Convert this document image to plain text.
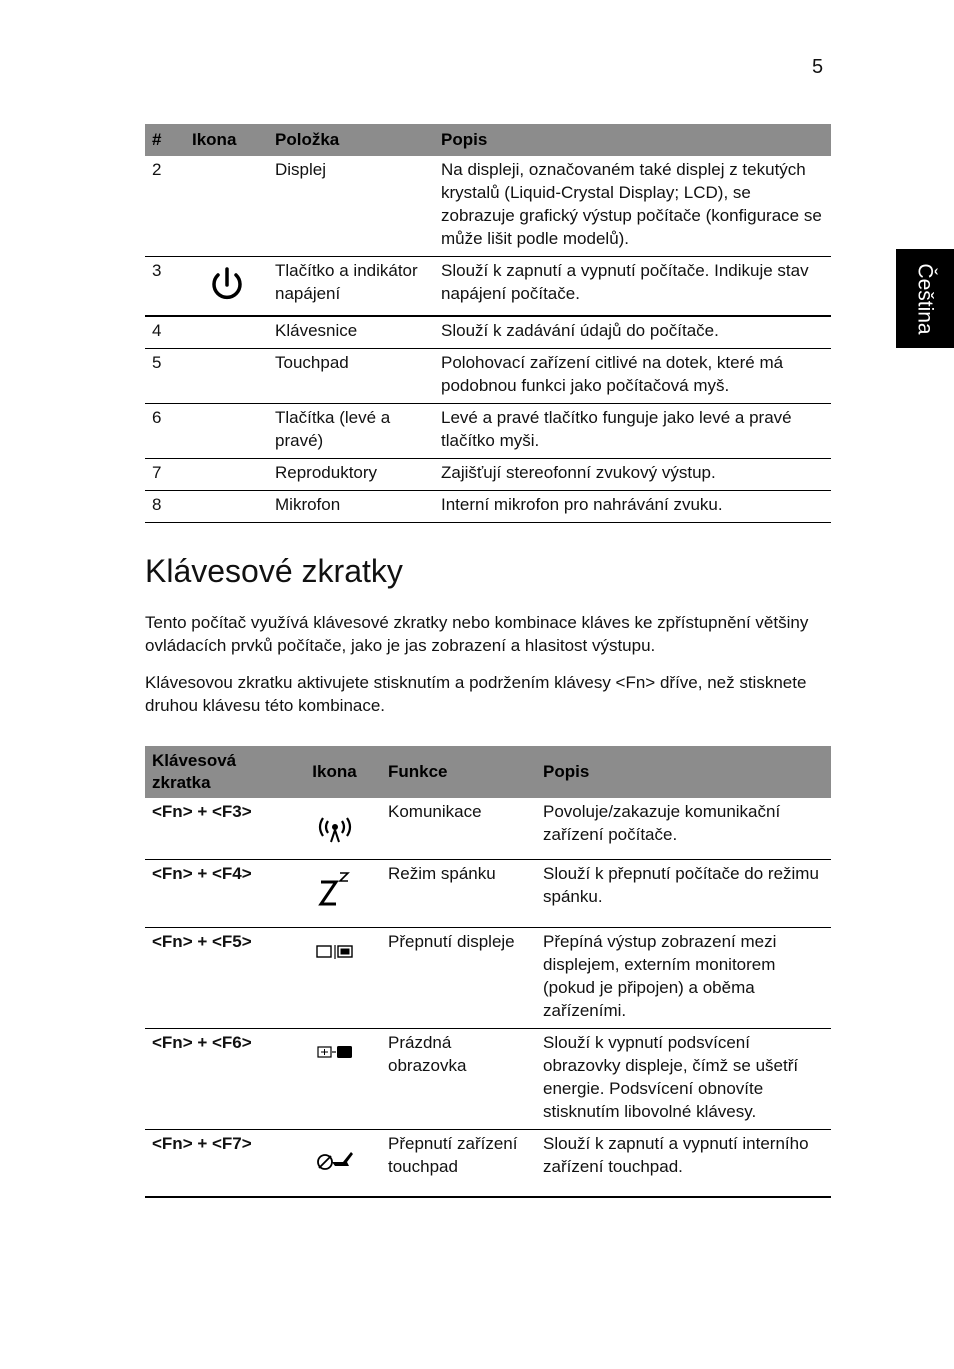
5
Čeština
#	Ikona	Položka	Popis
2		Displej	Na displeji, označovaném také displej z tekutých krystalů (Liquid-Crystal Display; LCD), se zobrazuje grafický výstup počítače (konfigurace se může lišit podle modelů).
3		Tlačítko a indikátor napájení	Slouží k zapnutí a vypnutí počítače. Indikuje stav napájení počítače.
4		Klávesnice	Slouží k zadávání údajů do počítače.
5		Touchpad	Polohovací zařízení citlivé na dotek, které má podobnou funkci jako počítačová myš.
6		Tlačítka (levé a pravé)	Levé a pravé tlačítko funguje jako levé a pravé tlačítko myši.
7		Reproduktory	Zajišťují stereofonní zvukový výstup.
8		Mikrofon	Interní mikrofon pro nahrávání zvuku.
Klávesové zkratky

Tento počítač využívá klávesové zkratky nebo kombinace kláves ke zpřístupnění většiny ovládacích prvků počítače, jako je jas zobrazení a hlasitost výstupu.

Klávesovou zkratku aktivujete stisknutím a podržením klávesy <Fn> dříve, než stisknete druhou klávesu této kombinace.

Klávesová zkratka	Ikona	Funkce	Popis
<Fn> + <F3>		Komunikace	Povoluje/zakazuje komunikační zařízení počítače.
<Fn> + <F4>		Režim spánku	Slouží k přepnutí počítače do režimu spánku.
<Fn> + <F5>		Přepnutí displeje	Přepíná výstup zobrazení mezi displejem, externím monitorem (pokud je připojen) a oběma zařízeními.
<Fn> + <F6>		Prázdná obrazovka	Slouží k vypnutí podsvícení obrazovky displeje, čímž se ušetří energie. Podsvícení obnovíte stisknutím libovolné klávesy.
<Fn> + <F7>		Přepnutí zařízení touchpad	Slouží k zapnutí a vypnutí interního zařízení touchpad.
